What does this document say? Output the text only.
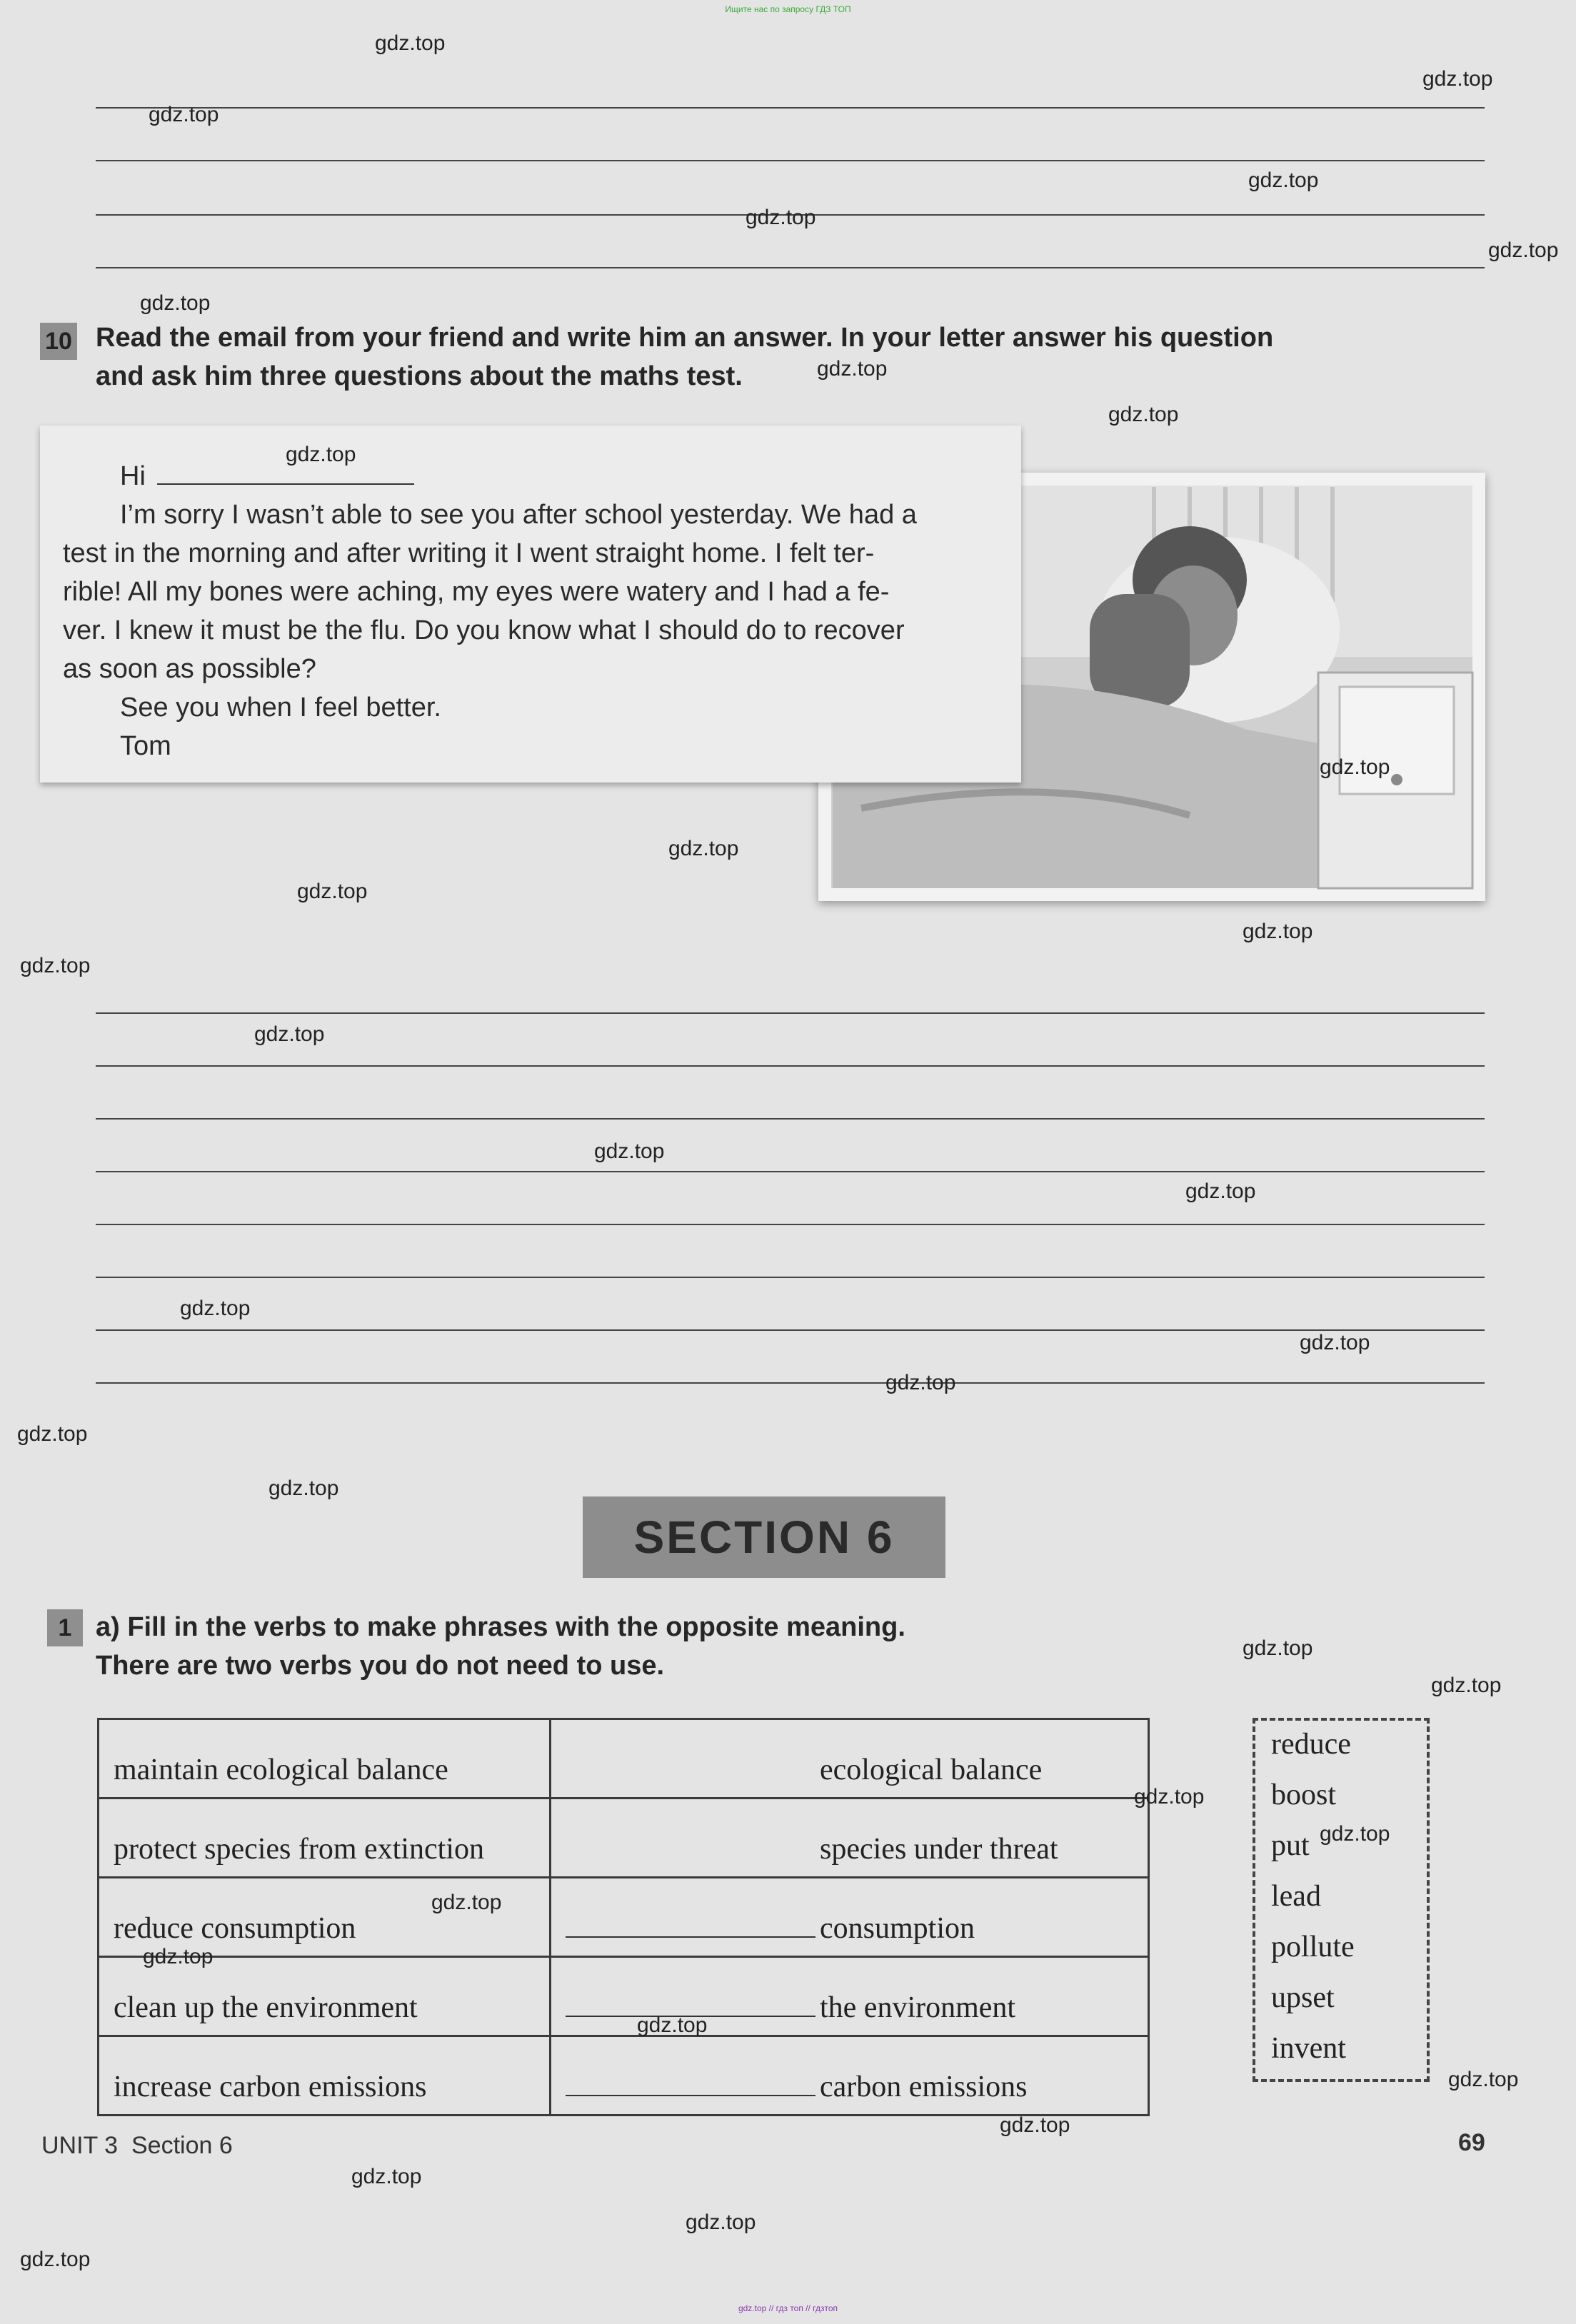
Ищите нас по запросу ГДЗ ТОП
gdz.top // гдз топ // гдзтоп
10 Read the email from your friend and write him an answer. In your letter answer his question
and ask him three questions about the maths test.
Hi
I’m sorry I wasn’t able to see you after school yesterday. We had a
test in the morning and after writing it I went straight home. I felt ter-
rible! All my bones were aching, my eyes were watery and I had a fe-
ver. I knew it must be the flu. Do you know what I should do to recover
as soon as possible?
See you when I feel better.
Tom
SECTION 6
1 a) Fill in the verbs to make phrases with the opposite meaning.
There are two verbs you do not need to use.
maintain ecological balance	ecological balance
protect species from extinction	species under threat
reduce consumption	consumption
clean up the environment	the environment
increase carbon emissions	carbon emissions
reduce
boost
put
lead
pollute
upset
invent
UNIT 3 Section 6	69
gdz.top
gdz.top
gdz.top
gdz.top
gdz.top
gdz.top
gdz.top
gdz.top
gdz.top
gdz.top
gdz.top
gdz.top
gdz.top
gdz.top
gdz.top
gdz.top
gdz.top
gdz.top
gdz.top
gdz.top
gdz.top
gdz.top
gdz.top
gdz.top
gdz.top
gdz.top
gdz.top
gdz.top
gdz.top
gdz.top
gdz.top
gdz.top
gdz.top
gdz.top
gdz.top
